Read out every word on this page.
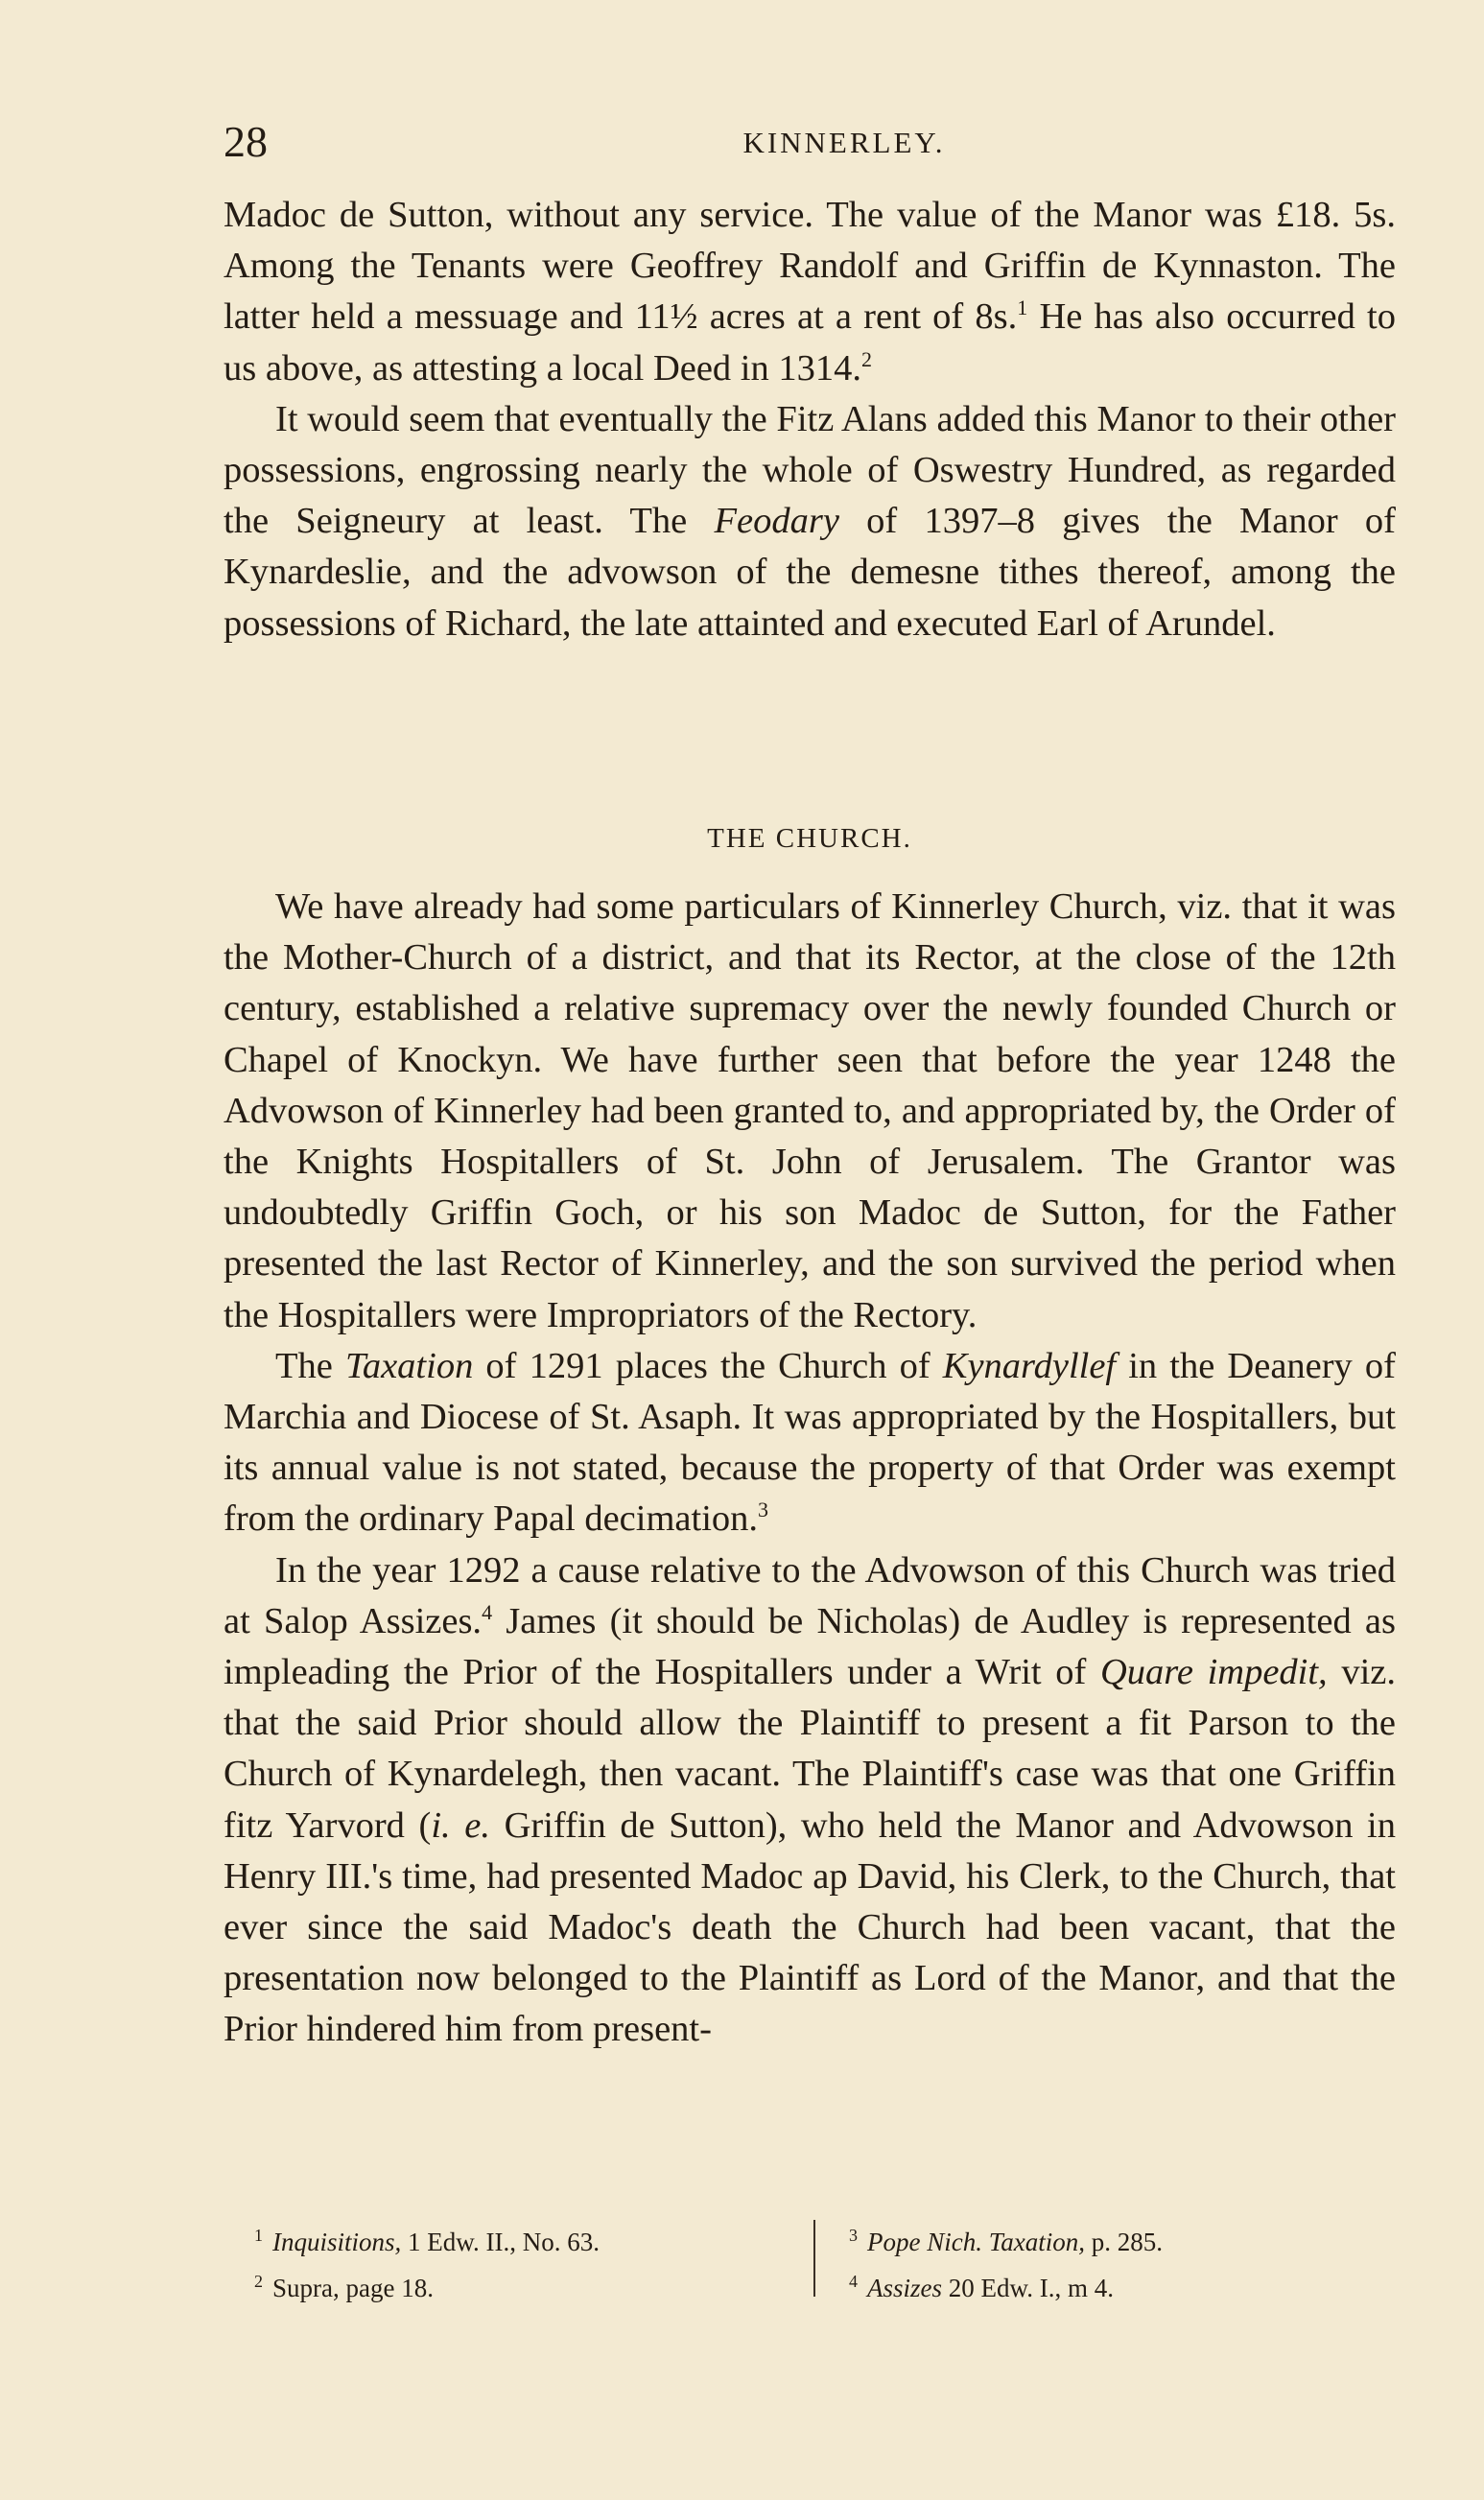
28	KINNERLEY.

Madoc de Sutton, without any service. The value of the Manor was £18. 5s. Among the Tenants were Geoffrey Randolf and Griffin de Kynnaston. The latter held a messuage and 11½ acres at a rent of 8s.$^1$ He has also occurred to us above, as attesting a local Deed in 1314.$^2$

It would seem that eventually the Fitz Alans added this Manor to their other possessions, engrossing nearly the whole of Oswestry Hundred, as regarded the Seigneury at least. The Feodary of 1397–8 gives the Manor of Kynardeslie, and the advowson of the demesne tithes thereof, among the possessions of Richard, the late attainted and executed Earl of Arundel.

THE CHURCH.

We have already had some particulars of Kinnerley Church, viz. that it was the Mother-Church of a district, and that its Rector, at the close of the 12th century, established a relative supremacy over the newly founded Church or Chapel of Knockyn. We have further seen that before the year 1248 the Advowson of Kinnerley had been granted to, and appropriated by, the Order of the Knights Hospitallers of St. John of Jerusalem. The Grantor was undoubtedly Griffin Goch, or his son Madoc de Sutton, for the Father presented the last Rector of Kinnerley, and the son survived the period when the Hospitallers were Impropriators of the Rectory.

The Taxation of 1291 places the Church of Kynardyllef in the Deanery of Marchia and Diocese of St. Asaph. It was appropriated by the Hospitallers, but its annual value is not stated, because the property of that Order was exempt from the ordinary Papal decimation.$^3$

In the year 1292 a cause relative to the Advowson of this Church was tried at Salop Assizes.$^4$ James (it should be Nicholas) de Audley is represented as impleading the Prior of the Hospitallers under a Writ of Quare impedit, viz. that the said Prior should allow the Plaintiff to present a fit Parson to the Church of Kynardelegh, then vacant. The Plaintiff's case was that one Griffin fitz Yarvord (i. e. Griffin de Sutton), who held the Manor and Advowson in Henry III.'s time, had presented Madoc ap David, his Clerk, to the Church, that ever since the said Madoc's death the Church had been vacant, that the presentation now belonged to the Plaintiff as Lord of the Manor, and that the Prior hindered him from present-

$^1$ Inquisitions, 1 Edw. II., No. 63.
$^2$ Supra, page 18.
$^3$ Pope Nich. Taxation, p. 285.
$^4$ Assizes 20 Edw. I., m 4.
